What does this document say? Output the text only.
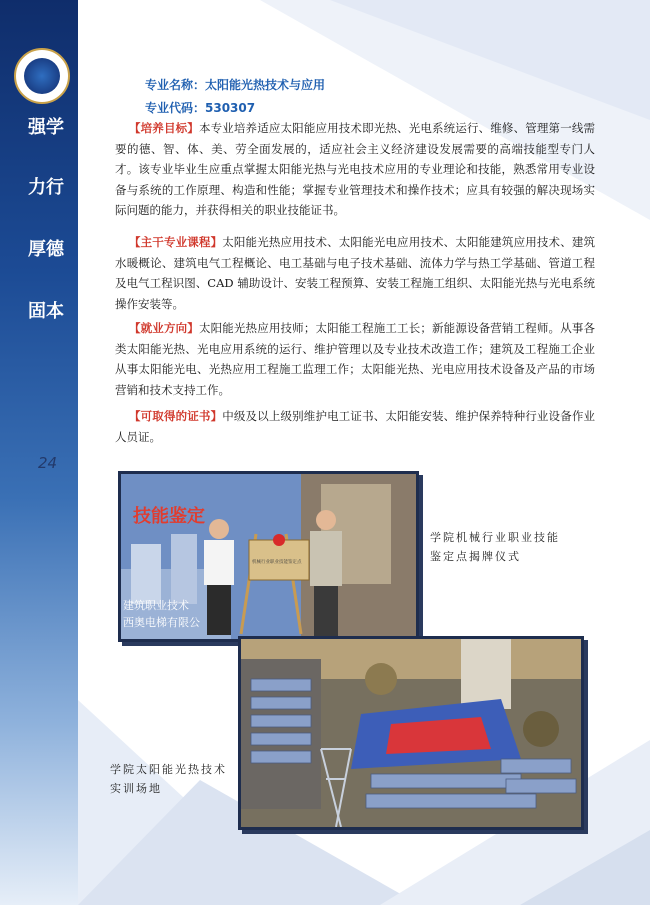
强学
力行
厚德
固本
24
专业名称：太阳能光热技术与应用
专业代码：530307

【培养目标】本专业培养适应太阳能应用技术即光热、光电系统运行、维修、管理第一线需要的德、智、体、美、劳全面发展的，适应社会主义经济建设发展需要的高端技能型专门人才。该专业毕业生应重点掌握太阳能光热与光电技术应用的专业理论和技能，熟悉常用专业设备与系统的工作原理、构造和性能；掌握专业管理技术和操作技术；应具有较强的解决现场实际问题的能力，并获得相关的职业技能证书。

【主干专业课程】太阳能光热应用技术、太阳能光电应用技术、太阳能建筑应用技术、建筑水暖概论、建筑电气工程概论、电工基础与电子技术基础、流体力学与热工学基础、管道工程及电气工程识图、CAD 辅助设计、安装工程预算、安装工程施工组织、太阳能光热与光电系统操作安装等。

【就业方向】太阳能光热应用技师；太阳能工程施工工长；新能源设备营销工程师。从事各类太阳能光热、光电应用系统的运行、维护管理以及专业技术改造工作；建筑及工程施工企业从事太阳能光电、光热应用工程施工监理工作；太阳能光热、光电应用技术设备及产品的市场营销和技术支持工作。

【可取得的证书】中级及以上级别维护电工证书、太阳能安装、维护保养特种行业设备作业人员证。

技能鉴定
建筑职业技术
西奥电梯有限公
机械行业职业技能鉴定点
学院机械行业职业技能鉴定点揭牌仪式
学院太阳能光热技术实训场地
